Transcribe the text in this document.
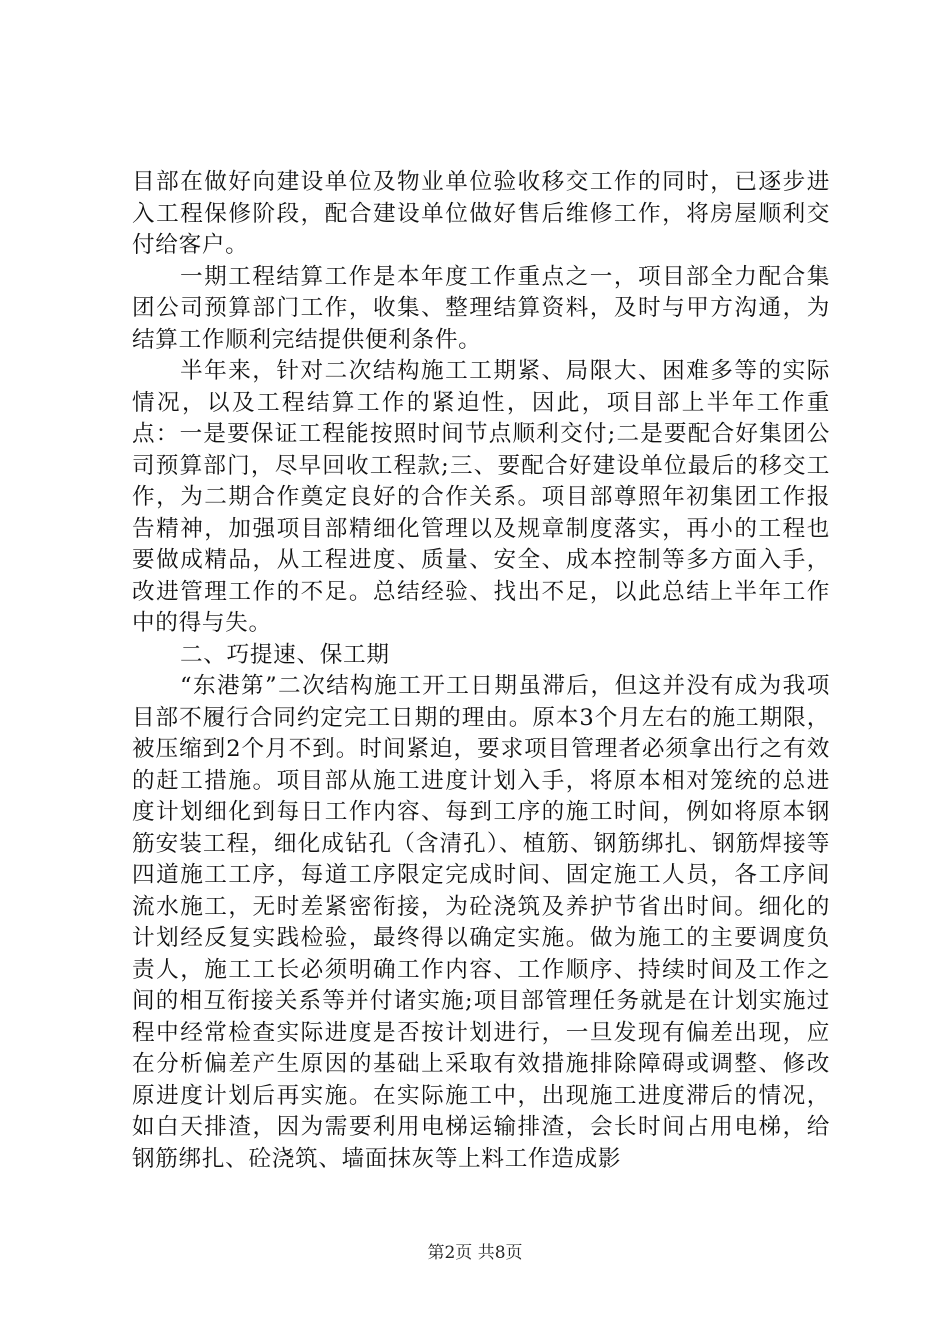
目部在做好向建设单位及物业单位验收移交工作的同时，已逐步进入工程保修阶段，配合建设单位做好售后维修工作，将房屋顺利交付给客户。

一期工程结算工作是本年度工作重点之一，项目部全力配合集团公司预算部门工作，收集、整理结算资料，及时与甲方沟通，为结算工作顺利完结提供便利条件。

半年来，针对二次结构施工工期紧、局限大、困难多等的实际情况，以及工程结算工作的紧迫性，因此，项目部上半年工作重点：一是要保证工程能按照时间节点顺利交付;二是要配合好集团公司预算部门，尽早回收工程款;三、要配合好建设单位最后的移交工作，为二期合作奠定良好的合作关系。项目部尊照年初集团工作报告精神，加强项目部精细化管理以及规章制度落实，再小的工程也要做成精品，从工程进度、质量、安全、成本控制等多方面入手，改进管理工作的不足。总结经验、找出不足，以此总结上半年工作中的得与失。

二、巧提速、保工期

“东港第”二次结构施工开工日期虽滞后，但这并没有成为我项目部不履行合同约定完工日期的理由。原本3个月左右的施工期限，被压缩到2个月不到。时间紧迫，要求项目管理者必须拿出行之有效的赶工措施。项目部从施工进度计划入手，将原本相对笼统的总进度计划细化到每日工作内容、每到工序的施工时间，例如将原本钢筋安装工程，细化成钻孔（含清孔）、植筋、钢筋绑扎、钢筋焊接等四道施工工序，每道工序限定完成时间、固定施工人员，各工序间流水施工，无时差紧密衔接，为砼浇筑及养护节省出时间。细化的计划经反复实践检验，最终得以确定实施。做为施工的主要调度负责人，施工工长必须明确工作内容、工作顺序、持续时间及工作之间的相互衔接关系等并付诸实施;项目部管理任务就是在计划实施过程中经常检查实际进度是否按计划进行，一旦发现有偏差出现，应在分析偏差产生原因的基础上采取有效措施排除障碍或调整、修改原进度计划后再实施。在实际施工中，出现施工进度滞后的情况，如白天排渣，因为需要利用电梯运输排渣，会长时间占用电梯，给钢筋绑扎、砼浇筑、墙面抹灰等上料工作造成影

第2页 共8页
